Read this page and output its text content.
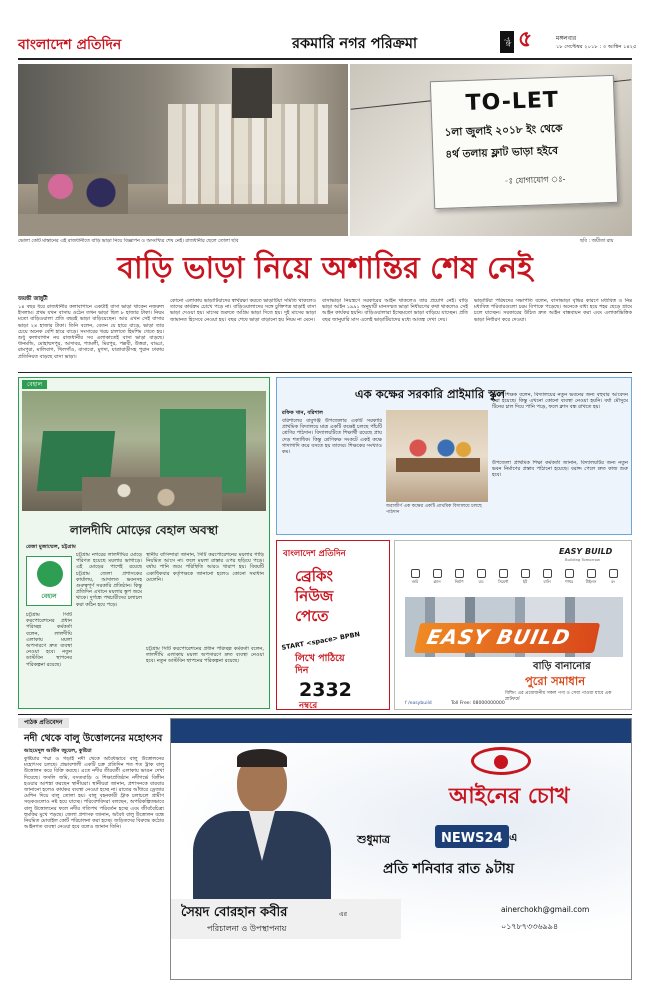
বাংলাদেশ প্রতিদিন	রকমারি নগর পরিক্রমা	পৃষ্ঠা ৫	মঙ্গলবার
১৮ সেপ্টেম্বর ২০১৮ : ৩ আশ্বিন ১৪২৫
TO-LET
১লা জুলাই ২০১৮ ইং থেকে
৪র্থ তলায় ফ্লাট ভাড়া হইবে
-ঃ যোগাযোগ ঃ-
ভোলা কেটি মাস্তানের এই রাজধানীতে বাড়ি ভাড়া নিয়ে বিজ্ঞাপন ও অসংখ্যির শেষ নেই। রাজধানীর ছেলে তোলা ছবি	ছবি : জয়ীতা রায়
বাড়ি ভাড়া নিয়ে অশান্তির শেষ নেই
জয়ন্তী জান্নুটী
১৪ বছর ধরে রাজধানীর কলাবাগানে একটাই বাসা ভাড়া থাকেন নজরুল ইসলাম। প্রথম যখন বাসায় ওঠেন তখন ভাড়া ছিল ৮ হাজার টাকা। নিয়ম মতো বাড়িওয়ালা প্রতি বছরই ভাড়া বাড়িয়েছেন। আর এখন সেই বাসার ভাড়া ২৪ হাজার টাকা। তিনি বলেন, বেতন যে হারে বাড়ে, ভাড়া তার চেয়ে অনেক বেশি হারে বাড়ে। সংসারের খরচ চালাতে হিমশিম খেতে হয়। শুধু কলাবাগান নয় রাজধানীর সব এলাকাতেই বাসা ভাড়া বাড়ছে। ধানমন্ডি, মোহাম্মদপুর, আদাবর, শ্যামলী, মিরপুর, পল্লবী, উত্তরা, বাড্ডা, রামপুরা, মালিবাগ, খিলগাঁও, বাসাবো, মুগদা, যাত্রাবাড়ীসহ পুরান ঢাকায় প্রতিনিয়ত বাড়ছে বাসা ভাড়া।
কোনো এলাকায় ভাড়াটিয়াদের স্বার্থরক্ষা করতে ভাড়াটিয়া সমিতি থাকলেও তাদের কার্যক্রম চোখে পড়ে না। বাড়িওয়ালাদের সঙ্গে চুক্তিপত্র ছাড়াই বাসা ভাড়া দেওয়া হয়। মাসের শুরুতে অগ্রিম ভাড়া দিতে হয়। দুই মাসের ভাড়া জামানত হিসেবে নেওয়া হয়। বছর শেষে ভাড়া বাড়ানো হয় নিয়ম না মেনে।
বাসাভাড়া নিয়ন্ত্রণে সরকারের আইন থাকলেও তার প্রয়োগ নেই। বাড়ি ভাড়া আইন ১৯৯১ অনুযায়ী মানসম্মত ভাড়া নির্ধারণের কথা থাকলেও সেই আইন কার্যকর হয়নি। বাড়িওয়ালারা ইচ্ছেমতো ভাড়া বাড়িয়ে যাচ্ছেন। প্রতি বছর জানুয়ারি মাস এলেই ভাড়াটিয়াদের মধ্যে আতঙ্ক দেখা দেয়।
ভাড়াটিয়া পরিষদের সভাপতি বলেন, বাসাভাড়া বৃদ্ধির কারণে মধ্যবিত্ত ও নিম্ন মধ্যবিত্ত পরিবারগুলো চরম বিপাকে পড়েছে। অনেকে বাধ্য হয়ে শহর ছেড়ে গ্রামে চলে যাচ্ছেন। সরকারের উচিত দ্রুত আইন বাস্তবায়ন করা এবং এলাকাভিত্তিক ভাড়া নির্ধারণ করে দেওয়া।
বেহাল
লালদীঘি মোড়ের বেহাল অবস্থা
রেজা মুজাম্মেল, চট্টগ্রাম
বেহাল
চট্টগ্রাম নগরের লালদীঘির মোড়ে পরিণত হয়েছে ময়লার ভাগাড়ে। এই মোড়ের পাশেই রয়েছে চট্টগ্রাম জেলা প্রশাসকের কার্যালয়, আদালত ভবনসহ গুরুত্বপূর্ণ সরকারি প্রতিষ্ঠান। কিন্তু প্রতিদিন এখানে ময়লার স্তূপ জমে থাকে। দুর্গন্ধে পথচারীদের চলাচল করা কঠিন হয়ে পড়ে।
স্থানীয় বাসিন্দারা জানান, সিটি করপোরেশনের ময়লার গাড়ি নিয়মিত আসে না। ফলে ময়লা রাস্তার ওপর ছড়িয়ে পড়ে। বর্ষায় পানি জমে পরিস্থিতি আরও খারাপ হয়। বিষয়টি একাধিকবার কর্তৃপক্ষকে জানানো হলেও কোনো সমাধান মেলেনি।
চট্টগ্রাম সিটি করপোরেশনের প্রধান পরিচ্ছন্ন কর্মকর্তা বলেন, লালদীঘি এলাকায় ময়লা অপসারণে দ্রুত ব্যবস্থা নেওয়া হবে। নতুন ডাস্টবিন স্থাপনের পরিকল্পনা রয়েছে।
চট্টগ্রাম সিটি করপোরেশনের প্রধান পরিচ্ছন্ন কর্মকর্তা বলেন, লালদীঘি এলাকায় ময়লা অপসারণে দ্রুত ব্যবস্থা নেওয়া হবে। নতুন ডাস্টবিন স্থাপনের পরিকল্পনা রয়েছে।
এক কক্ষের সরকারি প্রাইমারি স্কুল
রফিক খান, বরিশাল
বরিশালের বাবুগঞ্জ উপজেলার একটি সরকারি প্রাথমিক বিদ্যালয়ে মাত্র একটি কক্ষেই চলছে পাঁচটি শ্রেণির পাঠদান। বিদ্যালয়টিতে শিক্ষার্থী রয়েছে প্রায় দেড় শতাধিক। কিন্তু শ্রেণিকক্ষ সংকটে একই কক্ষে গাদাগাদি করে বসতে হয় তাদের। শিক্ষকের সংখ্যাও কম।
জরাজীর্ণ এক কক্ষের একটি প্রাথমিক বিদ্যালয়ে চলছে পাঠদান
প্রধান শিক্ষক বলেন, বিদ্যালয়ের নতুন ভবনের জন্য বহুবার আবেদন করা হয়েছে। কিন্তু এখনো কোনো ব্যবস্থা নেওয়া হয়নি। বর্ষা মৌসুমে টিনের চাল দিয়ে পানি পড়ে, ফলে ক্লাস বন্ধ রাখতে হয়।
উপজেলা প্রাথমিক শিক্ষা কর্মকর্তা জানান, বিদ্যালয়টির জন্য নতুন ভবন নির্মাণের প্রস্তাব পাঠানো হয়েছে। বরাদ্দ পেলে দ্রুত কাজ শুরু হবে।
বাংলাদেশ প্রতিদিন
ব্রেকিং
নিউজ
পেতে
START <space> BPBN
লিখে পাঠিয়ে দিন
2332
নম্বরে
EASY BUILD
Building Tomorrow
জমি	প্ল্যান	নির্মাণ	রড	সিমেন্ট	ইট	বালি	পাথর	টাইলস	রং
EASY BUILD
বাড়ি বানানোর
পুরো সমাধান
বিল্ডিং এর প্রয়োজনীয় সকল পণ্য ও সেবা পাওয়া যাবে এক প্লাটফর্মে
f /easybuild	Toll Free: 08000000000
পাঠক প্রতিবেদন
নদী থেকে বালু উত্তোলনের মহোৎসব
আহমেদুল আমীন জুয়েল, কুষ্টিয়া
কুষ্টিয়ার পদ্মা ও গড়াই নদী থেকে অবৈধভাবে বালু উত্তোলনের মহোৎসব চলছে। প্রভাবশালী একটি চক্র প্রতিদিন শত শত ট্রাক বালু উত্তোলন করে বিক্রি করছে। এতে নদীর তীরবর্তী এলাকায় ভাঙন দেখা দিয়েছে। ফসলি জমি, বসতবাড়ি ও শিক্ষাপ্রতিষ্ঠান নদীগর্ভে বিলীন হওয়ার আশঙ্কা করছেন স্থানীয়রা। স্থানীয়রা জানান, প্রশাসনকে বারবার জানানো হলেও কার্যকর ব্যবস্থা নেওয়া হচ্ছে না। রাতের আঁধারে ড্রেজার মেশিন দিয়ে বালু তোলা হয়। বালু বহনকারী ট্রাক চলাচলে গ্রামীণ সড়কগুলোও নষ্ট হয়ে যাচ্ছে। পরিবেশবিদরা বলছেন, অপরিকল্পিতভাবে বালু উত্তোলনের ফলে নদীর গতিপথ পরিবর্তন হচ্ছে এবং জীববৈচিত্র্য হুমকির মুখে পড়ছে। জেলা প্রশাসক জানান, অবৈধ বালু উত্তোলন বন্ধে নিয়মিত মোবাইল কোর্ট পরিচালনা করা হচ্ছে। জড়িতদের বিরুদ্ধে কঠোর আইনগত ব্যবস্থা নেওয়া হবে বলেও জানান তিনি।
আইনের চোখ
শুধুমাত্র	NEWS24 এ
প্রতি শনিবার রাত ৯টায়
সৈয়দ বোরহান কবীর	এর
পরিচালনা ও উপস্থাপনায়
ainerchokh@gmail.com
০১৭৮৭৩৩৬৯৯৪
